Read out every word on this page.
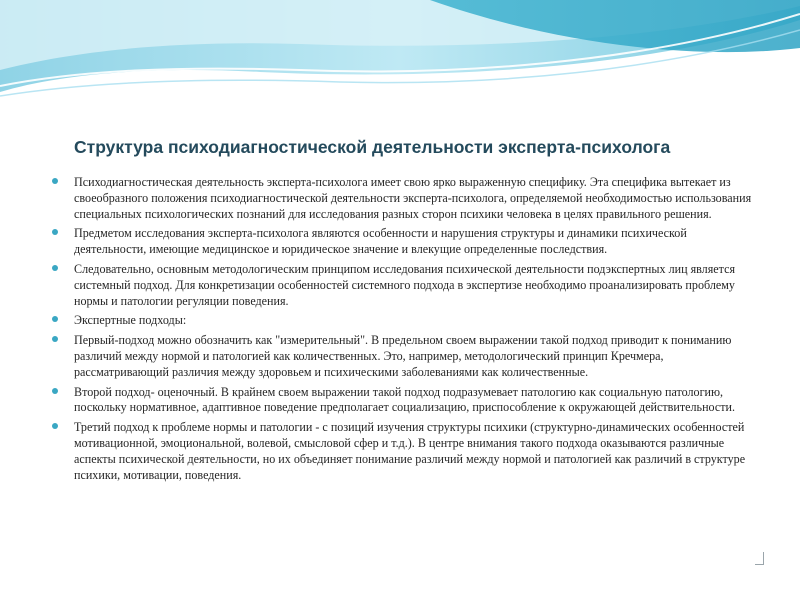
Структура психодиагностической деятельности эксперта-психолога
Психодиагностическая деятельность эксперта-психолога имеет свою ярко выраженную специфику. Эта специфика вытекает из своеобразного положения психодиагностической деятельности эксперта-психолога, определяемой необходимостью использования специальных психологических познаний для исследования разных сторон психики человека в целях правильного решения.
Предметом исследования эксперта-психолога являются особенности и нарушения структуры и динамики психической деятельности, имеющие медицинское и юридическое значение и влекущие определенные последствия.
Следовательно, основным методологическим принципом исследования психической деятельности подэкспертных лиц является системный подход. Для конкретизации особенностей системного подхода в экспертизе необходимо проанализировать проблему нормы и патологии регуляции поведения.
Экспертные подходы:
Первый-подход можно обозначить как "измерительный". В предельном своем выражении такой подход приводит к пониманию различий между нормой и патологией как количественных. Это, например, методологический принцип Кречмера, рассматривающий различия между здоровьем и психическими заболеваниями как количественные.
Второй подход- оценочный. В крайнем своем выражении такой подход подразумевает патологию как социальную патологию, поскольку нормативное, адаптивное поведение предполагает социализацию, приспособление к окружающей действительности.
Третий подход к проблеме нормы и патологии - с позиций изучения структуры психики (структурно-динамических особенностей мотивационной, эмоциональной, волевой, смысловой сфер и т.д.). В центре внимания такого подхода оказываются различные аспекты психической деятельности, но их объединяет понимание различий между нормой и патологией как различий в структуре психики, мотивации, поведения.
